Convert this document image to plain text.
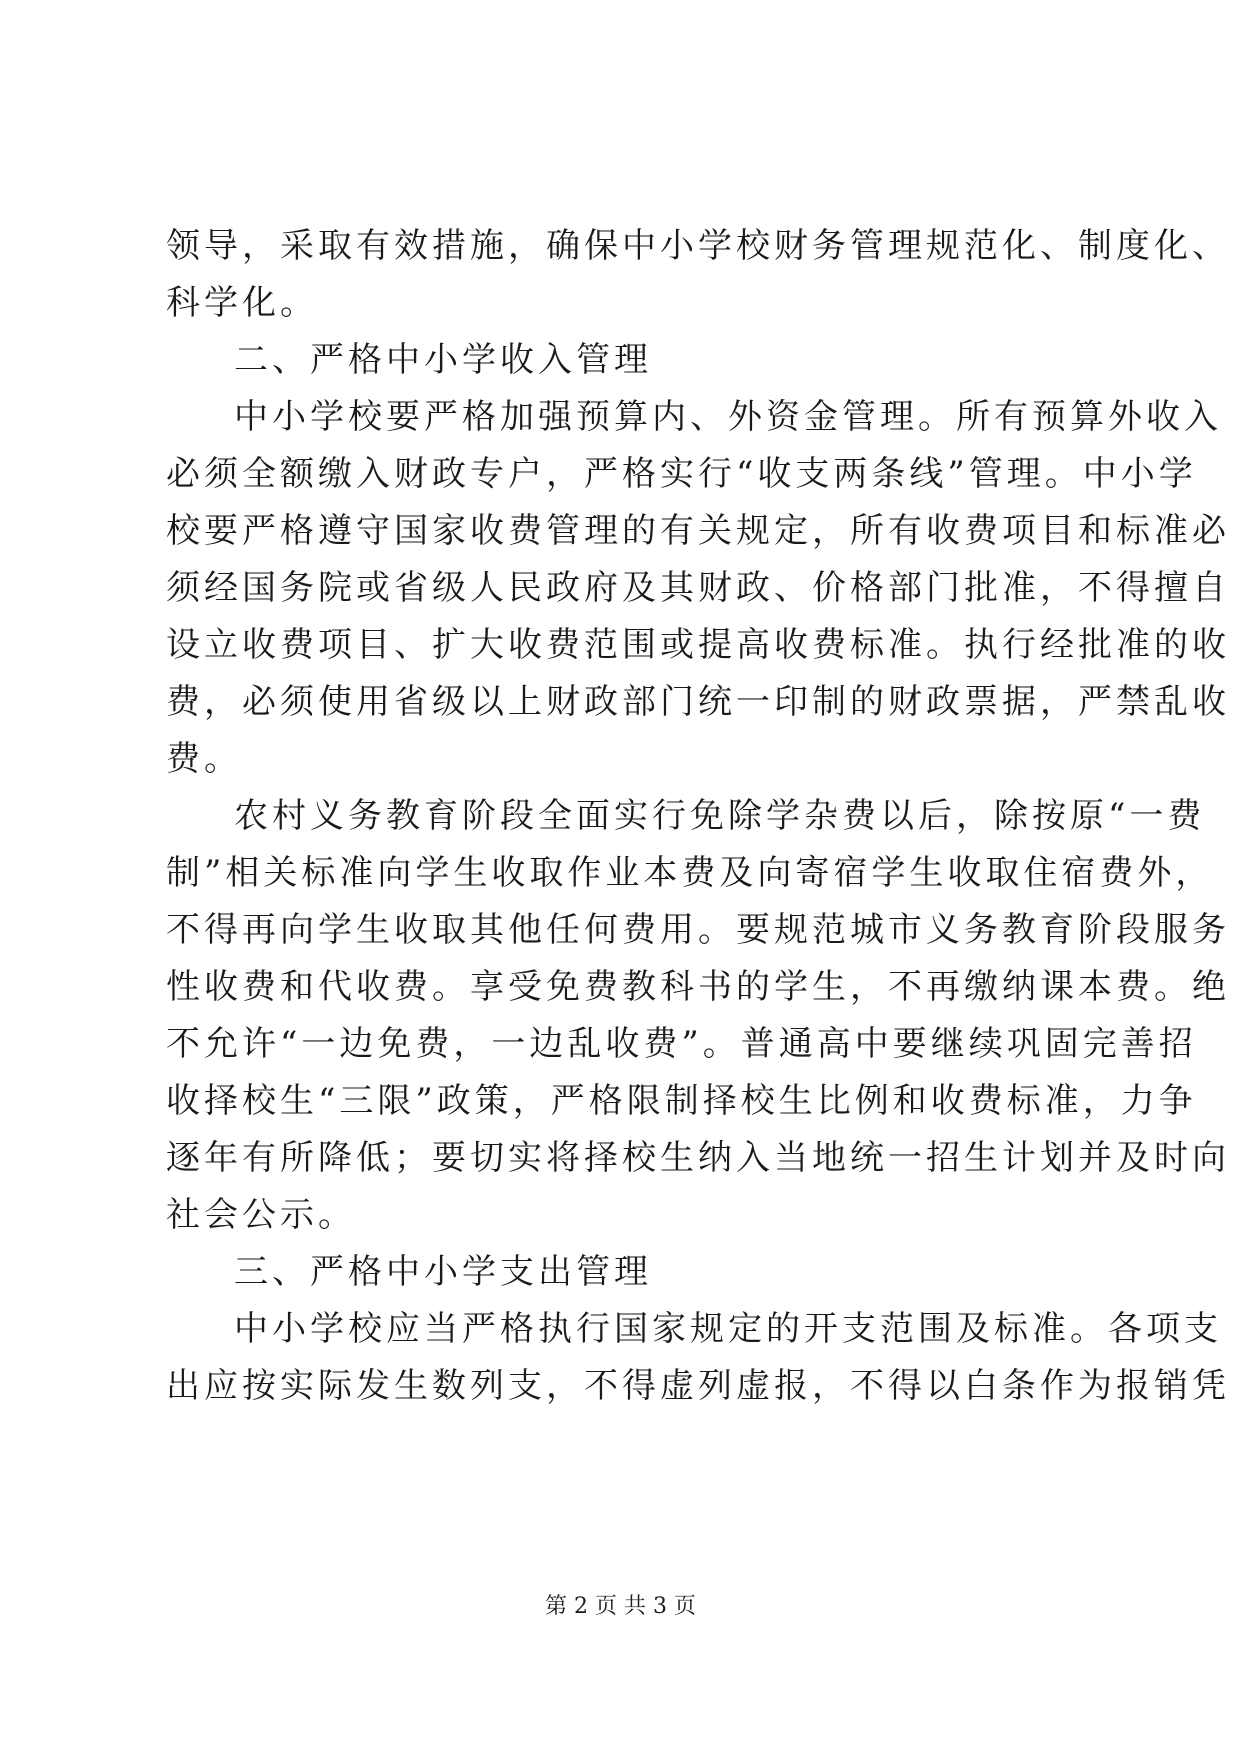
领导，采取有效措施，确保中小学校财务管理规范化、制度化、
科学化。
二、严格中小学收入管理
中小学校要严格加强预算内、外资金管理。所有预算外收入
必须全额缴入财政专户，严格实行“收支两条线”管理。中小学
校要严格遵守国家收费管理的有关规定，所有收费项目和标准必
须经国务院或省级人民政府及其财政、价格部门批准，不得擅自
设立收费项目、扩大收费范围或提高收费标准。执行经批准的收
费，必须使用省级以上财政部门统一印制的财政票据，严禁乱收
费。
农村义务教育阶段全面实行免除学杂费以后，除按原“一费
制”相关标准向学生收取作业本费及向寄宿学生收取住宿费外，
不得再向学生收取其他任何费用。要规范城市义务教育阶段服务
性收费和代收费。享受免费教科书的学生，不再缴纳课本费。绝
不允许“一边免费，一边乱收费”。普通高中要继续巩固完善招
收择校生“三限”政策，严格限制择校生比例和收费标准，力争
逐年有所降低；要切实将择校生纳入当地统一招生计划并及时向
社会公示。
三、严格中小学支出管理
中小学校应当严格执行国家规定的开支范围及标准。各项支
出应按实际发生数列支，不得虚列虚报，不得以白条作为报销凭
第 2 页 共 3 页
